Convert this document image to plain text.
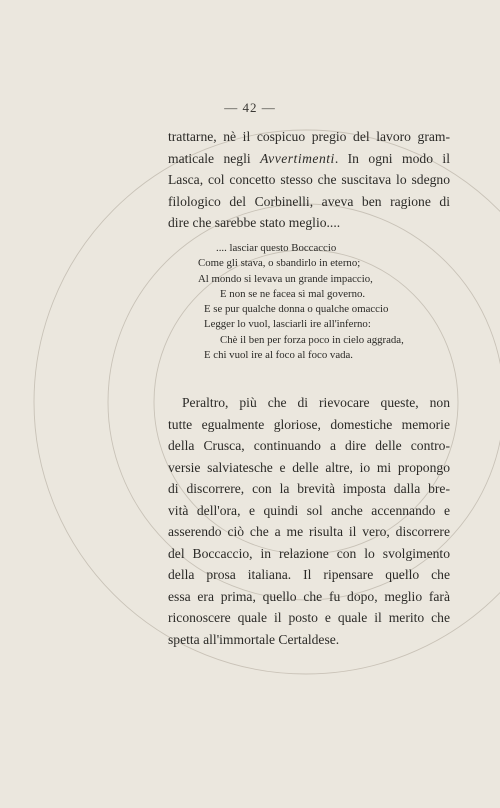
— 42 —

trattarne, nè il cospicuo pregio del lavoro gram-
maticale negli Avvertimenti. In ogni modo il
Lasca, col concetto stesso che suscitava lo sdegno
filologico del Corbinelli, aveva ben ragione di
dire che sarebbe stato meglio....

.... lasciar questo Boccaccio
Come gli stava, o sbandirlo in eterno;
Al mondo si levava un grande impaccio,
E non se ne facea sì mal governo.
E se pur qualche donna o qualche omaccio
Legger lo vuol, lasciarli ire all'inferno:
Chè il ben per forza poco in cielo aggrada,
E chi vuol ire al foco al foco vada.

Peraltro, più che di rievocare queste, non
tutte egualmente gloriose, domestiche memorie
della Crusca, continuando a dire delle contro-
versie salviatesche e delle altre, io mi propongo
di discorrere, con la brevità imposta dalla bre-
vità dell'ora, e quindi sol anche accennando e
asserendo ciò che a me risulta il vero, discorrere
del Boccaccio, in relazione con lo svolgimento
della prosa italiana. Il ripensare quello che
essa era prima, quello che fu dopo, meglio farà
riconoscere quale il posto e quale il merito che
spetta all'immortale Certaldese.
